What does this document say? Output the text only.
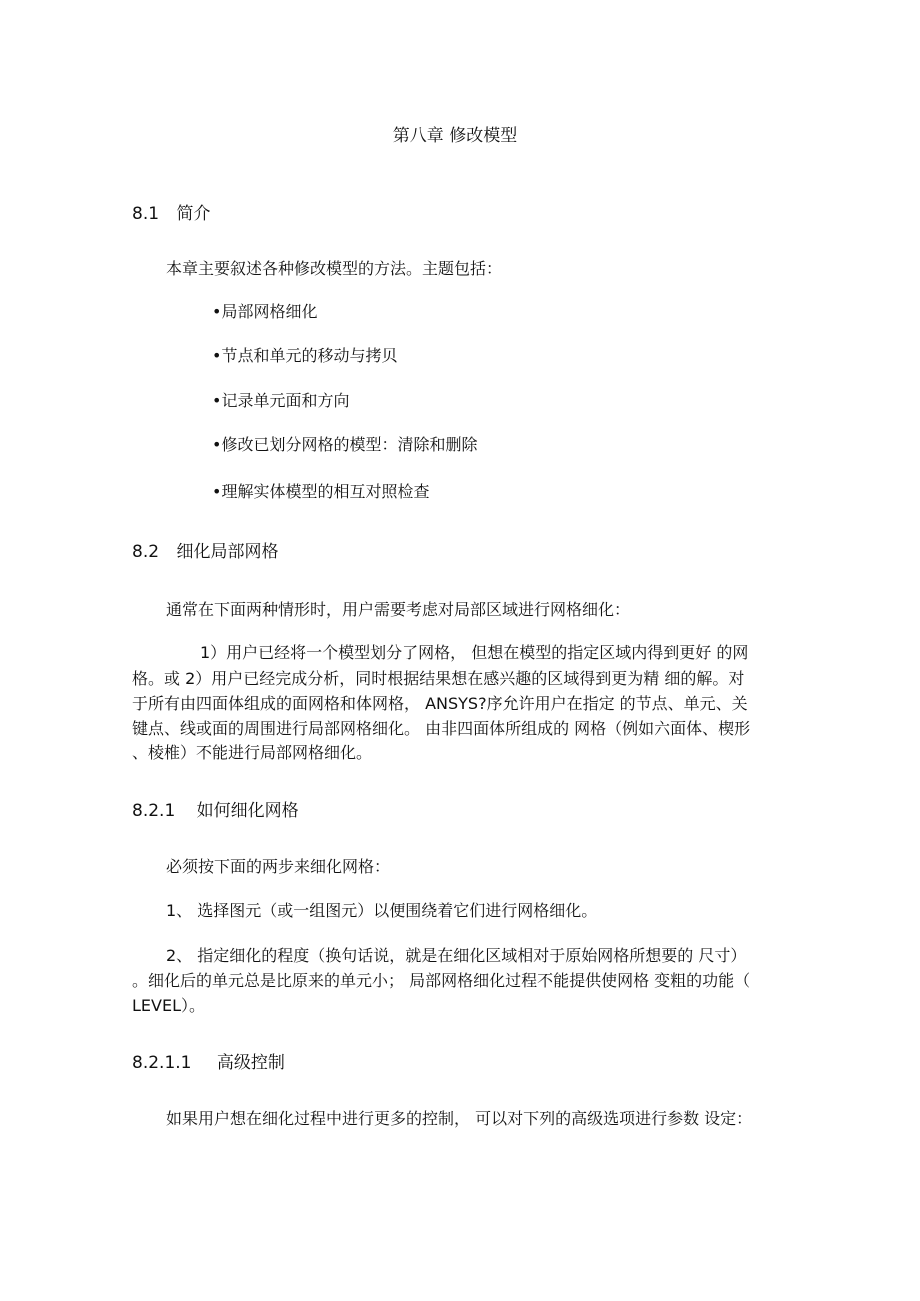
第八章 修改模型
8.1 简介
本章主要叙述各种修改模型的方法。主题包括：
•局部网格细化
•节点和单元的移动与拷贝
•记录单元面和方向
•修改已划分网格的模型：清除和删除
•理解实体模型的相互对照检查
8.2 细化局部网格
通常在下面两种情形时，用户需要考虑对局部区域进行网格细化：
1）用户已经将一个模型划分了网格， 但想在模型的指定区域内得到更好 的网
格。或 2）用户已经完成分析，同时根据结果想在感兴趣的区域得到更为精 细的解。对
于所有由四面体组成的面网格和体网格， ANSYS?序允许用户在指定 的节点、单元、关
键点、线或面的周围进行局部网格细化。 由非四面体所组成的 网格（例如六面体、楔形
、棱椎）不能进行局部网格细化。
8.2.1 如何细化网格
必须按下面的两步来细化网格：
1、 选择图元（或一组图元）以便围绕着它们进行网格细化。
2、 指定细化的程度（换句话说，就是在细化区域相对于原始网格所想要的 尺寸）
。细化后的单元总是比原来的单元小； 局部网格细化过程不能提供使网格 变粗的功能（
LEVEL）。
8.2.1.1 高级控制
如果用户想在细化过程中进行更多的控制， 可以对下列的高级选项进行参数 设定：
